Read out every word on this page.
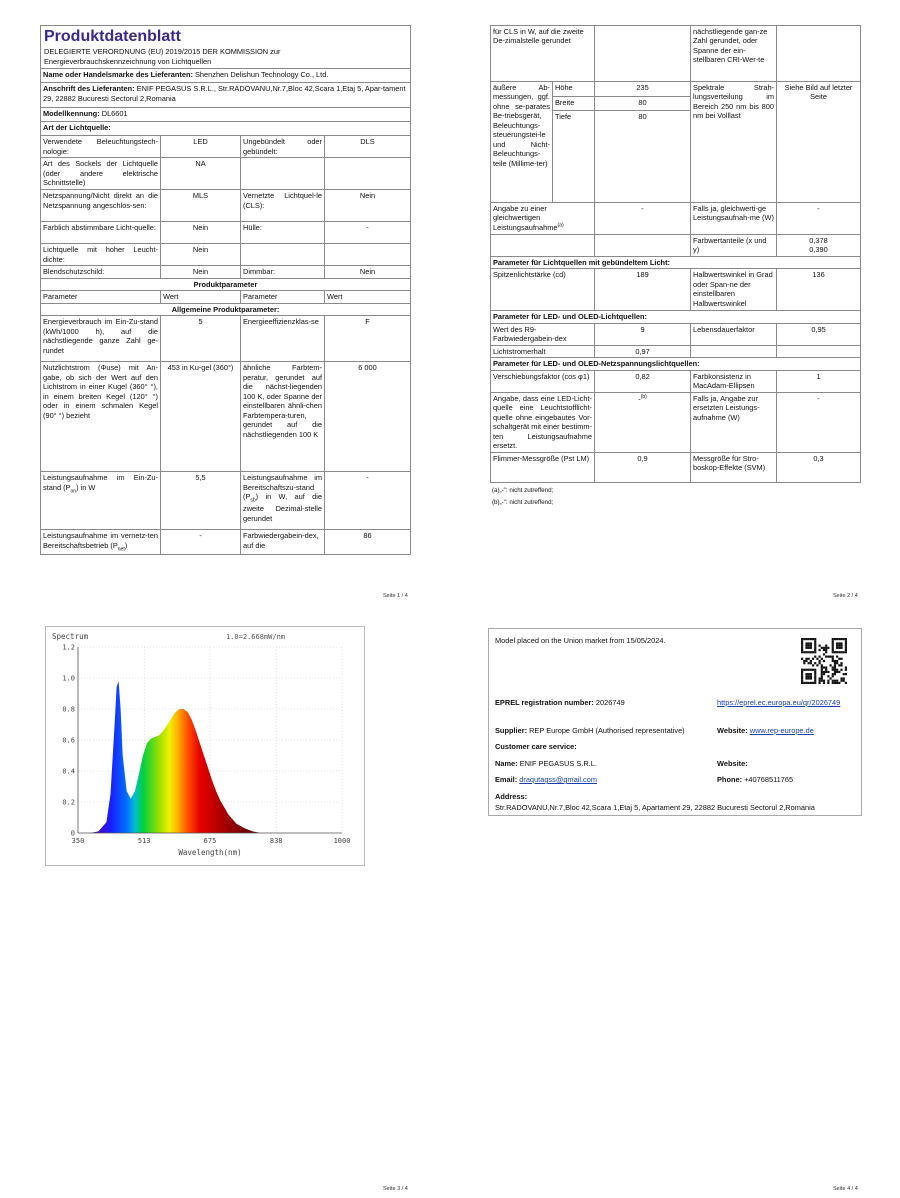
Produktdatenblatt
DELEGIERTE VERORDNUNG (EU) 2019/2015 DER KOMMISSION zur
Energieverbrauchskennzeichnung von Lichtquellen			

Name oder Handelsmarke des Lieferanten: Shenzhen Delishun Technology Co., Ltd.			
Anschrift des Lieferanten: ENIF PEGASUS S.R.L., Str.RADOVANU,Nr.7,Bloc 42,Scara 1,Etaj 5, Apar-tament 29, 22882 Bucuresti Sectorul 2,Romania			
Modellkennung: DL6601			
Art der Lichtquelle:			
Verwendete Beleuchtungstech-nologie:	LED	Ungebündelt oder gebündelt:	DLS
Art des Sockels der Lichtquelle (oder andere elektrische Schnittstelle)	NA		
Netzspannung/Nicht direkt an die Netzspannung angeschlos-sen:	MLS	Vernetzte Lichtquel-le (CLS):	Nein
Farblich abstimmbare Licht-quelle:	Nein	Hülle:	-
Lichtquelle mit hoher Leucht-dichte:	Nein		
Blendschutzschild:	Nein	Dimmbar:	Nein
Produktparameter			
Parameter	Wert	Parameter	Wert
Allgemeine Produktparameter:			
Energieverbrauch im Ein-Zu-stand (kWh/1000 h), auf die nächstliegende ganze Zahl ge-rundet	5	Energieeffizienzklas-se	F
Nutzlichtstrom (Φuse) mit An-gabe, ob sich der Wert auf den Lichtstrom in einer Kugel (360° °), in einem breiten Kegel (120° °) oder in einem schmalen Kegel (90° °) bezieht	453 in Ku-gel (360°)	ähnliche Farbtem-peratur, gerundet auf die nächst-liegenden 100 K, oder Spanne der einstellbaren ähnli-chen Farbtempera-turen, gerundet auf die nächstliegenden 100 K	6 000
Leistungsaufnahme im Ein-Zu-stand $(P_{on})$ in W	5,5	Leistungsaufnahme im Bereitschaftszu-stand $(P_{sb})$ in W, auf die zweite Dezimal-stelle gerundet	-
Leistungsaufnahme im vernetz-ten Bereitschaftsbetrieb $(P_{net})$	-	Farbwiedergabein-dex, auf die	86
Seite 1 / 4
für CLS in W, auf die zweite De-zimalstelle gerundet			nächstliegende gan-ze Zahl gerundet, oder Spanne der ein-stellbaren CRI-Wer-te	
äußere Ab-messungen, ggf. ohne se-parates Be-triebsgerät, Beleuchtungs-steuerungstei-le und Nicht-Beleuchtungs-teile (Millime-ter)	Höhe	235	Spektrale Strah-lungsverteilung im Bereich 250 nm bis 800 nm bei Volllast	Siehe Bild auf letzter Seite
	Breite	80		
	Tiefe	80		
Angabe zu einer gleichwertigen Leistungsaufnahme$^{(a)}$		-	Falls ja, gleichwerti-ge Leistungsaufnah-me (W)	-
			Farbwertanteile (x und y)	0,378
0,390

Parameter für Lichtquellen mit gebündeltem Licht:				
Spitzenlichtstärke (cd)		189	Halbwertswinkel in Grad oder Span-ne der einstellbaren Halbwertswinkel	136
Parameter für LED- und OLED-Lichtquellen:				
Wert des R9-Farbwiedergabein-dex		9	Lebensdauerfaktor	0,95
Lichtstromerhalt		0,97		
Parameter für LED- und OLED-Netzspannungslichtquellen:				
Verschiebungsfaktor (cos φ1)		0,82	Farbkonsistenz in MacAdam-Ellipsen	1
Angabe, dass eine LED-Licht-quelle eine Leuchtstofflicht-quelle ohne eingebautes Vor-schaltgerät mit einer bestimm-ten Leistungsaufnahme ersetzt.		-$^{(b)}$	Falls ja, Angabe zur ersetzten Leistungs-aufnahme (W)	-
Flimmer-Messgröße (Pst LM)		0,9	Messgröße für Stro-boskop-Effekte (SVM)	0,3
(a)„-": nicht zutreffend;
(b)„-": nicht zutreffend;
Seite 2 / 4
1.2
1.0
0.8
0.6
0.4
0.2
0
350	513	675	838	1000
Spectrum	1.0=2.668mW/nm
Wavelength(nm)
Seite 3 / 4
Model placed on the Union market from 15/05/2024.
EPREL registration number: 2026749	https://eprel.ec.europa.eu/qr/2026749
Supplier: REP Europe GmbH (Authorised representative)	Website: www.rep-europe.de
Customer care service:
Name: ENIF PEGASUS S.R.L.	Website:
Email: draqutagss@gmail.com	Phone: +40768511765
Address:
Str.RADOVANU,Nr.7,Bloc 42,Scara 1,Etaj 5, Apartament 29, 22882 Bucuresti Sectorul 2,Romania
Seite 4 / 4
